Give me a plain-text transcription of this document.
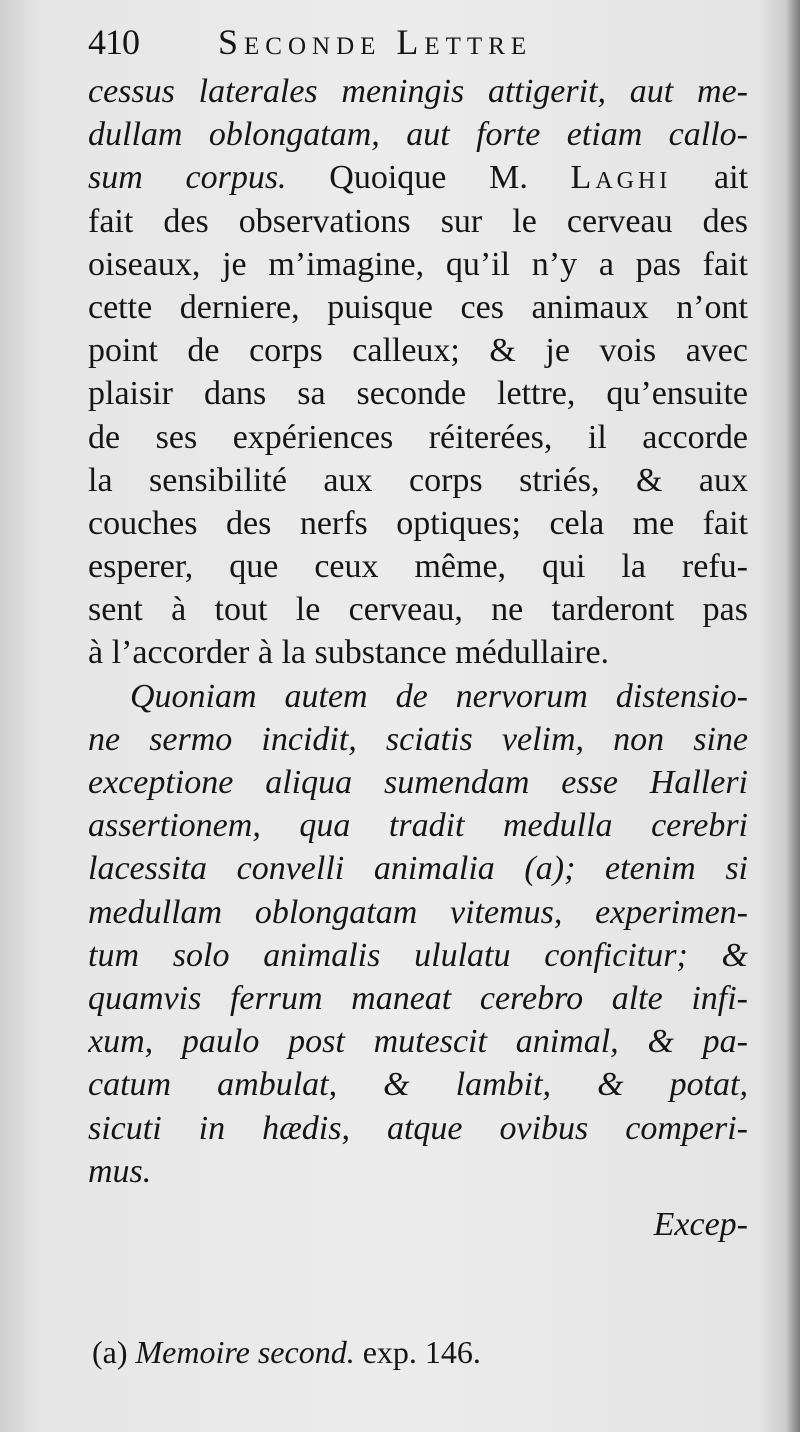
410 Seconde Lettre
cessus laterales meningis attigerit, aut me-
dullam oblongatam, aut forte etiam callo-
sum corpus. Quoique M. Laghi ait
fait des observations sur le cerveau des
oiseaux, je m’imagine, qu’il n’y a pas fait
cette derniere, puisque ces animaux n’ont
point de corps calleux; & je vois avec
plaisir dans sa seconde lettre, qu’ensuite
de ses expériences réiterées, il accorde
la sensibilité aux corps striés, & aux
couches des nerfs optiques; cela me fait
esperer, que ceux même, qui la refu-
sent à tout le cerveau, ne tarderont pas
à l’accorder à la substance médullaire.
Quoniam autem de nervorum distensio-
ne sermo incidit, sciatis velim, non sine
exceptione aliqua sumendam esse Halleri
assertionem, qua tradit medulla cerebri
lacessita convelli animalia (a); etenim si
medullam oblongatam vitemus, experimen-
tum solo animalis ululatu conficitur; &
quamvis ferrum maneat cerebro alte infi-
xum, paulo post mutescit animal, & pa-
catum ambulat, & lambit, & potat,
sicuti in hædis, atque ovibus comperi-
mus.
Excep-
(a) Memoire second. exp. 146.
